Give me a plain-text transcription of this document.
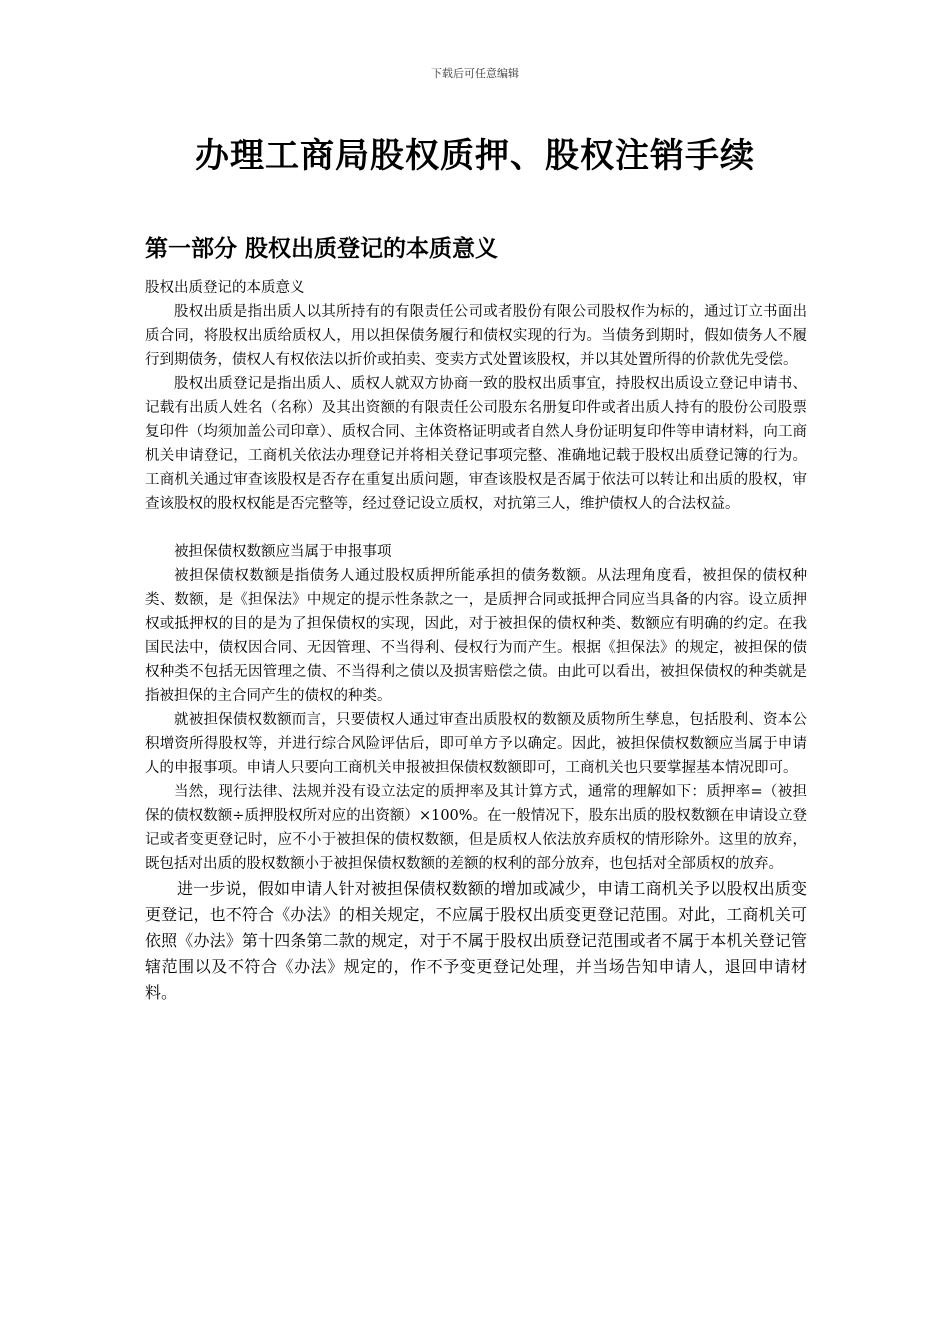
下载后可任意编辑
办理工商局股权质押、股权注销手续
第一部分 股权出质登记的本质意义

股权出质登记的本质意义

股权出质是指出质人以其所持有的有限责任公司或者股份有限公司股权作为标的，通过订立书面出质合同，将股权出质给质权人，用以担保债务履行和债权实现的行为。当债务到期时，假如债务人不履行到期债务，债权人有权依法以折价或拍卖、变卖方式处置该股权，并以其处置所得的价款优先受偿。

股权出质登记是指出质人、质权人就双方协商一致的股权出质事宜，持股权出质设立登记申请书、记载有出质人姓名（名称）及其出资额的有限责任公司股东名册复印件或者出质人持有的股份公司股票复印件（均须加盖公司印章）、质权合同、主体资格证明或者自然人身份证明复印件等申请材料，向工商机关申请登记，工商机关依法办理登记并将相关登记事项完整、准确地记载于股权出质登记簿的行为。工商机关通过审查该股权是否存在重复出质问题，审查该股权是否属于依法可以转让和出质的股权，审查该股权的股权权能是否完整等，经过登记设立质权，对抗第三人，维护债权人的合法权益。

被担保债权数额应当属于申报事项

被担保债权数额是指债务人通过股权质押所能承担的债务数额。从法理角度看，被担保的债权种类、数额，是《担保法》中规定的提示性条款之一，是质押合同或抵押合同应当具备的内容。设立质押权或抵押权的目的是为了担保债权的实现，因此，对于被担保的债权种类、数额应有明确的约定。在我国民法中，债权因合同、无因管理、不当得利、侵权行为而产生。根据《担保法》的规定，被担保的债权种类不包括无因管理之债、不当得利之债以及损害赔偿之债。由此可以看出，被担保债权的种类就是指被担保的主合同产生的债权的种类。

就被担保债权数额而言，只要债权人通过审查出质股权的数额及质物所生孳息，包括股利、资本公积增资所得股权等，并进行综合风险评估后，即可单方予以确定。因此，被担保债权数额应当属于申请人的申报事项。申请人只要向工商机关申报被担保债权数额即可，工商机关也只要掌握基本情况即可。

当然，现行法律、法规并没有设立法定的质押率及其计算方式，通常的理解如下：质押率=（被担保的债权数额÷质押股权所对应的出资额）×100%。在一般情况下，股东出质的股权数额在申请设立登记或者变更登记时，应不小于被担保的债权数额，但是质权人依法放弃质权的情形除外。这里的放弃，既包括对出质的股权数额小于被担保债权数额的差额的权利的部分放弃，也包括对全部质权的放弃。

进一步说，假如申请人针对被担保债权数额的增加或减少，申请工商机关予以股权出质变更登记，也不符合《办法》的相关规定，不应属于股权出质变更登记范围。对此，工商机关可依照《办法》第十四条第二款的规定，对于不属于股权出质登记范围或者不属于本机关登记管辖范围以及不符合《办法》规定的，作不予变更登记处理，并当场告知申请人，退回申请材料。
